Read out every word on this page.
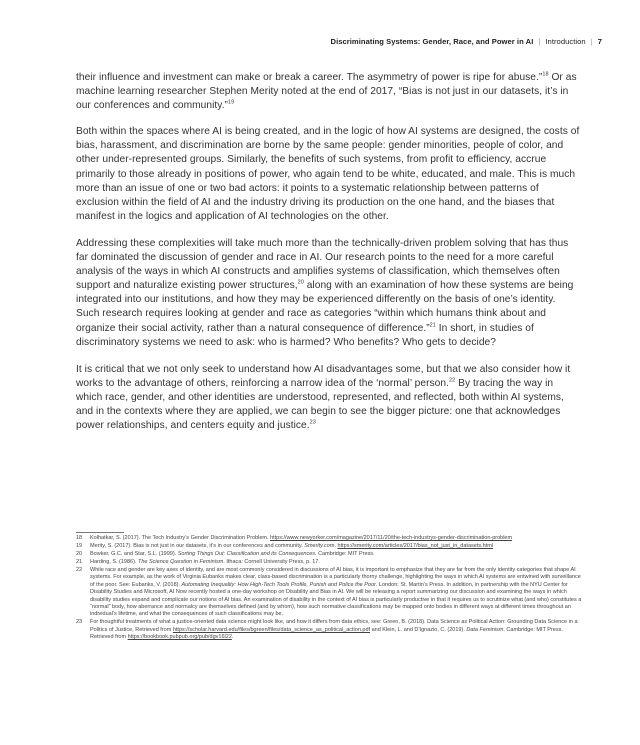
Discriminating Systems: Gender, Race, and Power in AI | Introduction | 7

their influence and investment can make or break a career. The asymmetry of power is ripe for abuse.”$^{18}$ Or as machine learning researcher Stephen Merity noted at the end of 2017, “Bias is not just in our datasets, it’s in our conferences and community.”$^{19}$

Both within the spaces where AI is being created, and in the logic of how AI systems are designed, the costs of bias, harassment, and discrimination are borne by the same people: gender minorities, people of color, and other under-represented groups. Similarly, the benefits of such systems, from profit to efficiency, accrue primarily to those already in positions of power, who again tend to be white, educated, and male. This is much more than an issue of one or two bad actors: it points to a systematic relationship between patterns of exclusion within the field of AI and the industry driving its production on the one hand, and the biases that manifest in the logics and application of AI technologies on the other.

Addressing these complexities will take much more than the technically-driven problem solving that has thus far dominated the discussion of gender and race in AI. Our research points to the need for a more careful analysis of the ways in which AI constructs and amplifies systems of classification, which themselves often support and naturalize existing power structures,$^{20}$ along with an examination of how these systems are being integrated into our institutions, and how they may be experienced differently on the basis of one’s identity. Such research requires looking at gender and race as categories “within which humans think about and organize their social activity, rather than a natural consequence of difference.”$^{21}$ In short, in studies of discriminatory systems we need to ask: who is harmed? Who benefits? Who gets to decide?

It is critical that we not only seek to understand how AI disadvantages some, but that we also consider how it works to the advantage of others, reinforcing a narrow idea of the ‘normal’ person.$^{22}$ By tracing the way in which race, gender, and other identities are understood, represented, and reflected, both within AI systems, and in the contexts where they are applied, we can begin to see the bigger picture: one that acknowledges power relationships, and centers equity and justice.$^{23}$

18	Kolhatkar, S. (2017). The Tech Industry’s Gender Discrimination Problem. https://www.newyorker.com/magazine/2017/11/20/the-tech-industrys-gender-discrimination-problem
19	Merity, S. (2017). Bias is not just in our datasets, it’s in our conferences and community. Smerity.com. https://smerity.com/articles/2017/bias_not_just_in_datasets.html
20	Bowker, G.C. and Star, S.L. (1999). Sorting Things Out: Classification and its Consequences. Cambridge: MIT Press.
21	Harding, S. (1986). The Science Question in Feminism. Ithaca: Cornell University Press, p. 17.
22	While race and gender are key axes of identity, and are most commonly considered in discussions of AI bias, it is important to emphasize that they are far from the only identity categories that shape AI systems. For example, as the work of Virginia Eubanks makes clear, class-based discrimination is a particularly thorny challenge, highlighting the ways in which AI systems are entwined with surveillance of the poor. See: Eubanks, V. (2018). Automating Inequality: How High-Tech Tools Profile, Punish and Police the Poor. London: St. Martin’s Press. In addition, in partnership with the NYU Center for Disability Studies and Microsoft, AI Now recently hosted a one-day workshop on Disability and Bias in AI. We will be releasing a report summarizing our discussion and examining the ways in which disability studies expand and complicate our notions of AI bias. An examination of disability in the context of AI bias is particularly productive in that it requires us to scrutinize what (and who) constitutes a “normal” body, how aberrance and normalcy are themselves defined (and by whom), how such normative classifications may be mapped onto bodies in different ways at different times throughout an individual’s lifetime, and what the consequences of such classifications may be.
23	For thoughtful treatments of what a justice-oriented data science might look like, and how it differs from data ethics, see: Green, B. (2018). Data Science as Political Action: Grounding Data Science in a Politics of Justice, Retrieved from https://scholar.harvard.edu/files/bgreen/files/data_science_as_political_action.pdf and Klein, L. and D’Ignazio, C. (2019). Data Feminism. Cambridge: MIT Press. Retrieved from https://bookbook.pubpub.org/pub/dgv16l22.
